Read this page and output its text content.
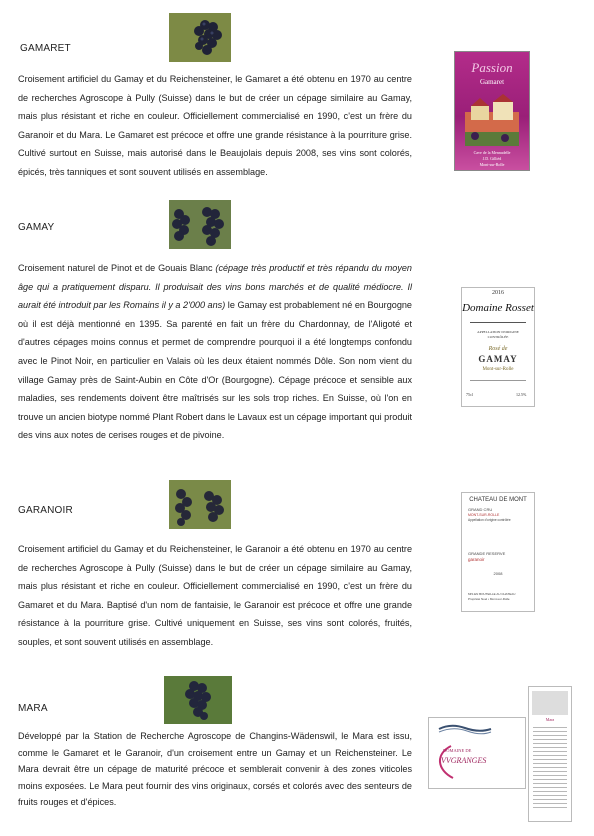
GAMARET
Croisement artificiel du Gamay et du Reichensteiner, le Gamaret a été obtenu en 1970 au centre de recherches Agroscope à Pully (Suisse) dans le but de créer un cépage similaire au Gamay, mais plus résistant et riche en couleur. Officiellement commercialisé en 1990, c'est un frère du Garanoir et du Mara. Le Gamaret est précoce et offre une grande résistance à la pourriture grise. Cultivé surtout en Suisse, mais autorisé dans le Beaujolais depuis 2008, ses vins sont colorés, épicés, très tanniques et sont souvent utilisés en assemblage.
Passion
Gamaret
Cave de la Mennadelle
J.D. Gilliéd
Mont-sur-Rolle
GAMAY
Croisement naturel de Pinot et de Gouais Blanc (cépage très productif et très répandu du moyen âge qui a pratiquement disparu. Il produisait des vins bons marchés et de qualité médiocre. Il aurait été introduit par les Romains il y a 2'000 ans) le Gamay est probablement né en Bourgogne où il est déjà mentionné en 1395. Sa parenté en fait un frère du Chardonnay, de l'Aligoté et d'autres cépages moins connus et permet de comprendre pourquoi il a été longtemps confondu avec le Pinot Noir, en particulier en Valais où les deux étaient nommés Dôle. Son nom vient du village Gamay près de Saint-Aubin en Côte d'Or (Bourgogne). Cépage précoce et sensible aux maladies, ses rendements doivent être maîtrisés sur les sols trop riches. En Suisse, où l'on en trouve un ancien biotype nommé Plant Robert dans le Lavaux est un cépage important qui produit des vins aux notes de cerises rouges et de pivoine.
2016
Domaine Rosset
APPELLATION D'ORIGINE
CONTRÔLÉE
Rosé de
GAMAY
Mont-sur-Rolle
75cl	12.5%
GARANOIR
Croisement artificiel du Gamay et du Reichensteiner, le Garanoir a été obtenu en 1970 au centre de recherches Agroscope à Pully (Suisse) dans le but de créer un cépage similaire au Gamay, mais plus résistant et riche en couleur. Officiellement commercialisé en 1990, c'est un frère du Gamaret et du Mara. Baptisé d'un nom de fantaisie, le Garanoir est précoce et offre une grande résistance à la pourriture grise. Cultivé uniquement en Suisse, ses vins sont colorés, fruités, souples, et sont souvent utilisés en assemblage.
CHATEAU DE MONT
GRAND CRU
MONT-SUR-ROLLE
Appellation d'origine contrôlée
GRANDE RESERVE
garanoir
2008
MIS EN BOUTEILLE AU CHATEAU
Propriété Noel • Mont-sur-Rolle
MARA
Développé par la Station de Recherche Agroscope de Changins-Wädenswil, le Mara est issu, comme le Gamaret et le Garanoir, d'un croisement entre un Gamay et un Reichensteiner. Le Mara devrait être un cépage de maturité précoce et semblerait convenir à des zones viticoles moins exposées. Le Mara peut fournir des vins originaux, corsés et colorés avec des senteurs de fruits rouges et d'épices.
DOMAINE DE
VVGRANGES
Mara
